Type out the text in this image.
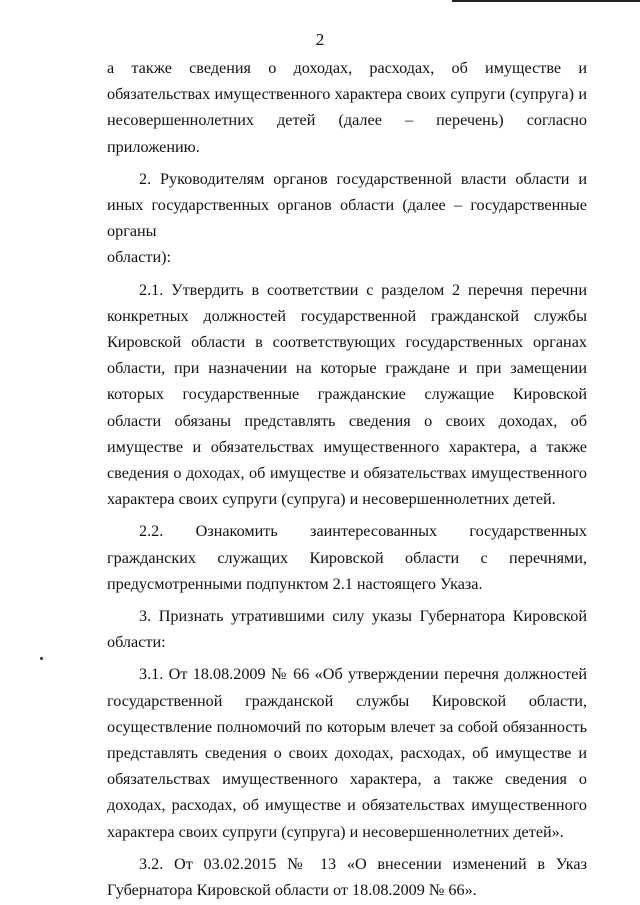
2

а также сведения о доходах, расходах, об имуществе и обязательствах имущественного характера своих супруги (супруга) и несовершеннолетних детей (далее – перечень) согласно приложению.

2. Руководителям органов государственной власти области и иных государственных органов области (далее – государственные органы

области):

2.1. Утвердить в соответствии с разделом 2 перечня перечни конкретных должностей государственной гражданской службы Кировской области в соответствующих государственных органах области, при назначении на которые граждане и при замещении которых государственные гражданские служащие Кировской области обязаны представлять сведения о своих доходах, об имуществе и обязательствах имущественного характера, а также сведения о доходах, об имуществе и обязательствах имущественного характера своих супруги (супруга) и несовершеннолетних детей.

2.2. Ознакомить заинтересованных государственных гражданских служащих Кировской области с перечнями, предусмотренными подпунктом 2.1 настоящего Указа.

3. Признать утратившими силу указы Губернатора Кировской области:

3.1. От 18.08.2009 № 66 «Об утверждении перечня должностей государственной гражданской службы Кировской области, осуществление полномочий по которым влечет за собой обязанность представлять сведения о своих доходах, расходах, об имуществе и обязательствах имущественного характера, а также сведения о доходах, расходах, об имуществе и обязательствах имущественного характера своих супруги (супруга) и несовершеннолетних детей».

3.2. От 03.02.2015 № 13 «О внесении изменений в Указ Губернатора Кировской области от 18.08.2009 № 66».
